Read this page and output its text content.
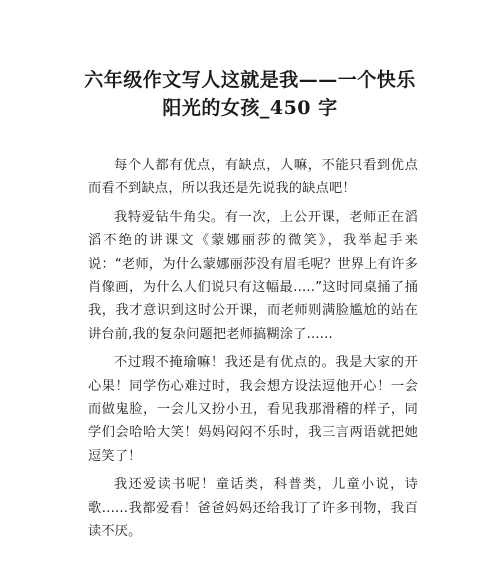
六年级作文写人这就是我——一个快乐
阳光的女孩_450 字

每个人都有优点，有缺点，人嘛，不能只看到优点而看不到缺点，所以我还是先说我的缺点吧！

我特爱钻牛角尖。有一次，上公开课，老师正在滔滔不绝的讲课文《蒙娜丽莎的微笑》，我举起手来说：“老师，为什么蒙娜丽莎没有眉毛呢？世界上有许多肖像画，为什么人们说只有这幅最.....”这时同桌捅了捅我，我才意识到这时公开课，而老师则满脸尴尬的站在讲台前,我的复杂问题把老师搞糊涂了......

不过瑕不掩瑜嘛！我还是有优点的。我是大家的开心果！同学伤心难过时，我会想方设法逗他开心！一会而做鬼脸，一会儿又扮小丑，看见我那滑稽的样子，同学们会哈哈大笑！妈妈闷闷不乐时，我三言两语就把她逗笑了！

我还爱读书呢！童话类，科普类，儿童小说，诗歌......我都爱看！爸爸妈妈还给我订了许多刊物，我百读不厌。
